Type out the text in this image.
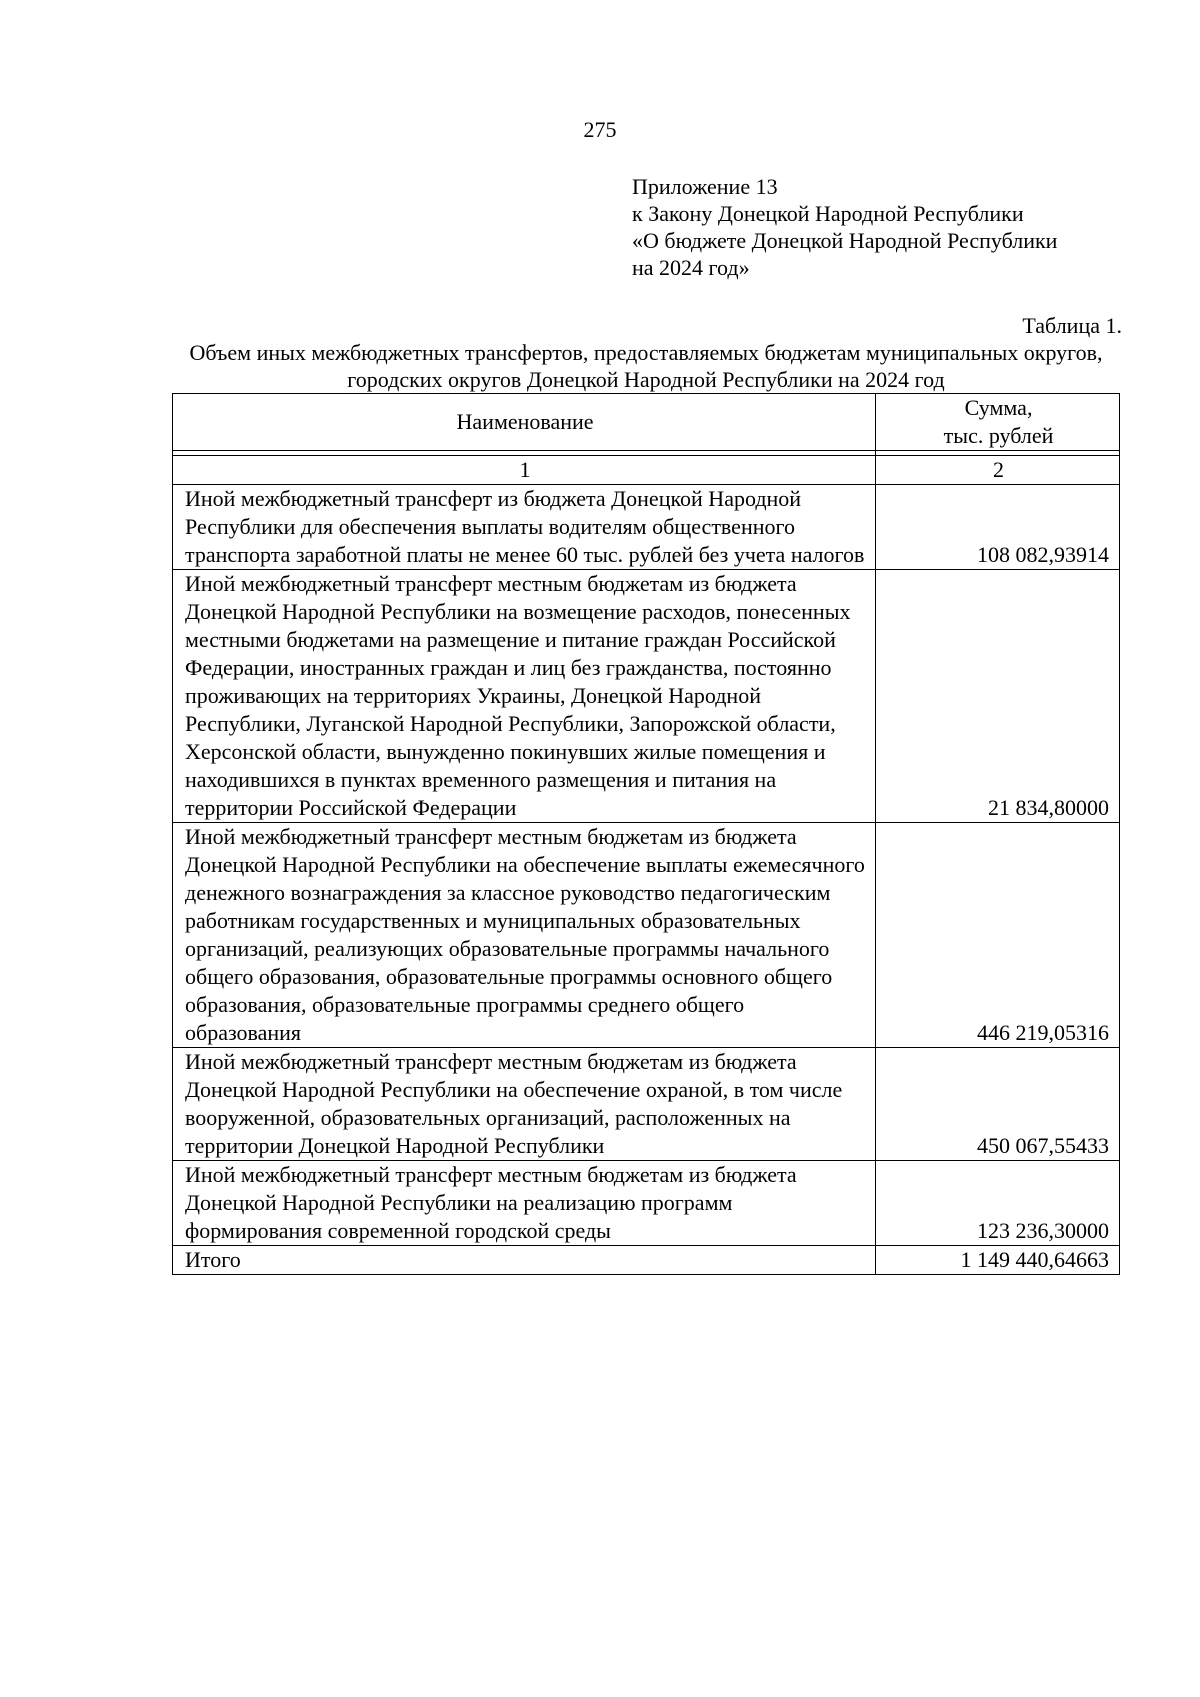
275
Приложение 13
к Закону Донецкой Народной Республики
«О бюджете Донецкой Народной Республики
на 2024 год»
Таблица 1.
Объем иных межбюджетных трансфертов, предоставляемых бюджетам муниципальных округов, городских округов Донецкой Народной Республики на 2024 год
Наименование	Сумма,
тыс. рублей

1	2
Иной межбюджетный трансферт из бюджета Донецкой Народной Республики для обеспечения выплаты водителям общественного транспорта заработной платы не менее 60 тыс. рублей без учета налогов	108 082,93914
Иной межбюджетный трансферт местным бюджетам из бюджета Донецкой Народной Республики на возмещение расходов, понесенных местными бюджетами на размещение и питание граждан Российской Федерации, иностранных граждан и лиц без гражданства, постоянно проживающих на территориях Украины, Донецкой Народной Республики, Луганской Народной Республики, Запорожской области, Херсонской области, вынужденно покинувших жилые помещения и находившихся в пунктах временного размещения и питания на территории Российской Федерации	21 834,80000
Иной межбюджетный трансферт местным бюджетам из бюджета Донецкой Народной Республики на обеспечение выплаты ежемесячного денежного вознаграждения за классное руководство педагогическим работникам государственных и муниципальных образовательных организаций, реализующих образовательные программы начального общего образования, образовательные программы основного общего образования, образовательные программы среднего общего образования	446 219,05316
Иной межбюджетный трансферт местным бюджетам из бюджета Донецкой Народной Республики на обеспечение охраной, в том числе вооруженной, образовательных организаций, расположенных на территории Донецкой Народной Республики	450 067,55433
Иной межбюджетный трансферт местным бюджетам из бюджета Донецкой Народной Республики на реализацию программ формирования современной городской среды	123 236,30000
Итого	1 149 440,64663
